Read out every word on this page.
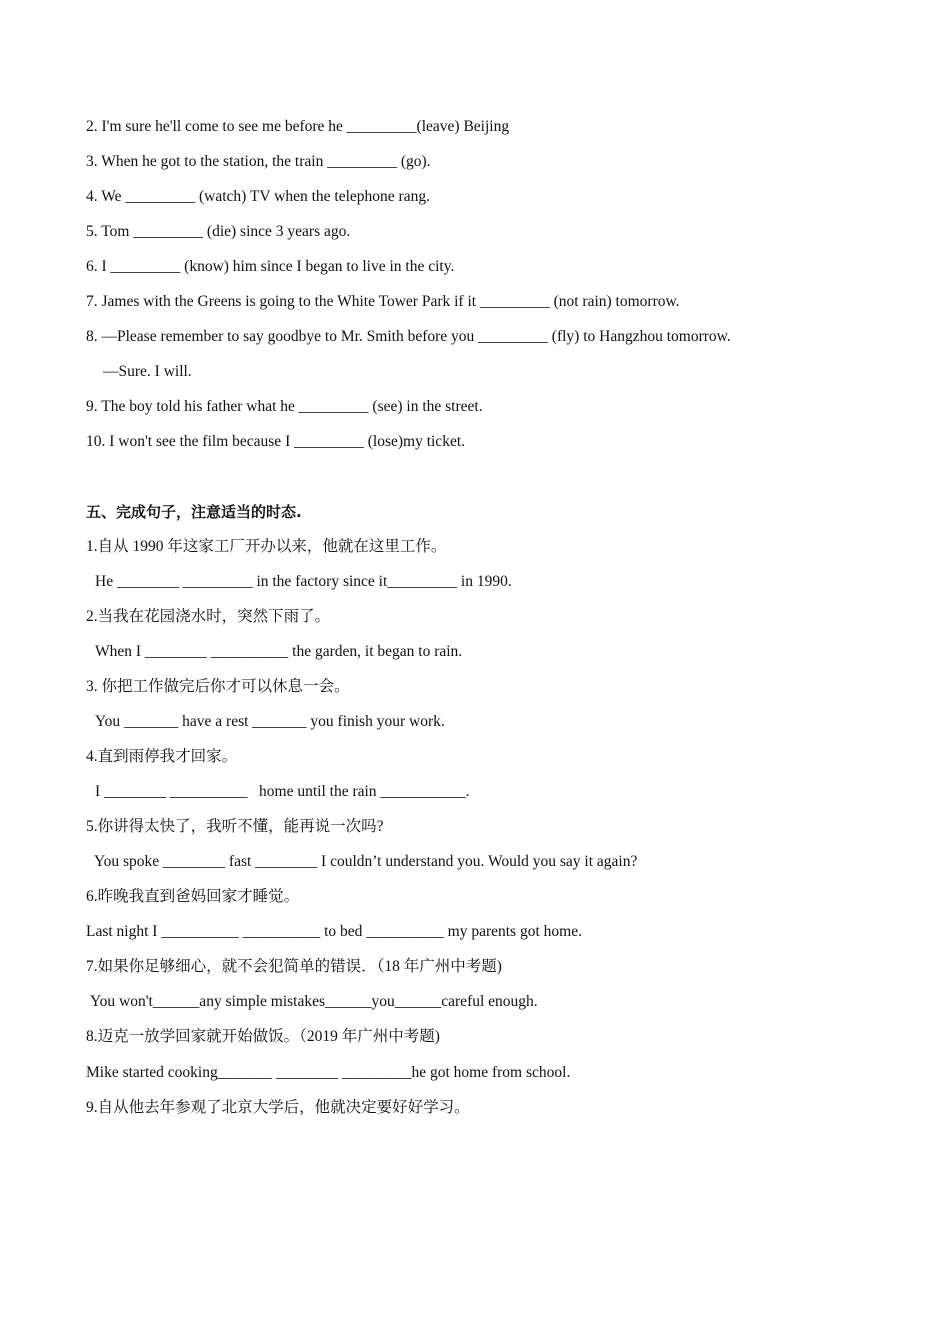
2. I'm sure he'll come to see me before he _________(leave) Beijing
3. When he got to the station, the train _________ (go).
4. We _________ (watch) TV when the telephone rang.
5. Tom _________ (die) since 3 years ago.
6. I _________ (know) him since I began to live in the city.
7. James with the Greens is going to the White Tower Park if it _________ (not rain) tomorrow.
8. —Please remember to say goodbye to Mr. Smith before you _________ (fly) to Hangzhou tomorrow.
—Sure. I will.
9. The boy told his father what he _________ (see) in the street.
10. I won't see the film because I _________ (lose)my ticket.
五、完成句子，注意适当的时态.
1.自从 1990 年这家工厂开办以来，他就在这里工作。
He ________ _________ in the factory since it_________ in 1990.
2.当我在花园浇水时，突然下雨了。
When I ________ __________ the garden, it began to rain.
3. 你把工作做完后你才可以休息一会。
You _______ have a rest _______ you finish your work.
4.直到雨停我才回家。
I ________ __________   home until the rain ___________.
5.你讲得太快了，我听不懂，能再说一次吗?
You spoke ________ fast ________ I couldn’t understand you. Would you say it again?
6.昨晚我直到爸妈回家才睡觉。
Last night I __________ __________ to bed __________ my parents got home.
7.如果你足够细心，就不会犯简单的错误．（18 年广州中考题)
You won't______any simple mistakes______you______careful enough.
8.迈克一放学回家就开始做饭。（2019 年广州中考题)
Mike started cooking_______ ________ _________he got home from school.
9.自从他去年参观了北京大学后，他就决定要好好学习。
